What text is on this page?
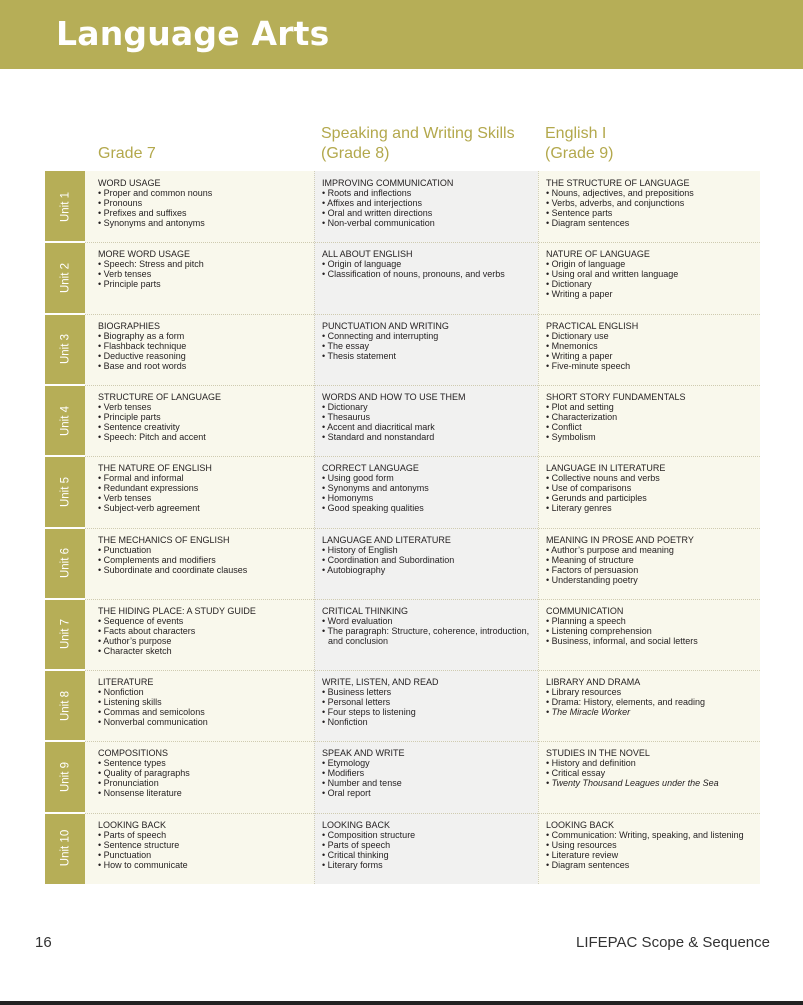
Language Arts
Grade 7
Speaking and Writing Skills
(Grade 8)
English I
(Grade 9)
Unit 1
Unit 2
Unit 3
Unit 4
Unit 5
Unit 6
Unit 7
Unit 8
Unit 9
Unit 10
WORD USAGE
• Proper and common nouns
• Pronouns
• Prefixes and suffixes
• Synonyms and antonyms
IMPROVING COMMUNICATION
• Roots and inflections
• Affixes and interjections
• Oral and written directions
• Non-verbal communication
THE STRUCTURE OF LANGUAGE
• Nouns, adjectives, and prepositions
• Verbs, adverbs, and conjunctions
• Sentence parts
• Diagram sentences
MORE WORD USAGE
• Speech: Stress and pitch
• Verb tenses
• Principle parts
ALL ABOUT ENGLISH
• Origin of language
• Classification of nouns, pronouns, and verbs
NATURE OF LANGUAGE
• Origin of language
• Using oral and written language
• Dictionary
• Writing a paper
BIOGRAPHIES
• Biography as a form
• Flashback technique
• Deductive reasoning
• Base and root words
PUNCTUATION AND WRITING
• Connecting and interrupting
• The essay
• Thesis statement
PRACTICAL ENGLISH
• Dictionary use
• Mnemonics
• Writing a paper
• Five-minute speech
STRUCTURE OF LANGUAGE
• Verb tenses
• Principle parts
• Sentence creativity
• Speech: Pitch and accent
WORDS AND HOW TO USE THEM
• Dictionary
• Thesaurus
• Accent and diacritical mark
• Standard and nonstandard
SHORT STORY FUNDAMENTALS
• Plot and setting
• Characterization
• Conflict
• Symbolism
THE NATURE OF ENGLISH
• Formal and informal
• Redundant expressions
• Verb tenses
• Subject-verb agreement
CORRECT LANGUAGE
• Using good form
• Synonyms and antonyms
• Homonyms
• Good speaking qualities
LANGUAGE IN LITERATURE
• Collective nouns and verbs
• Use of comparisons
• Gerunds and participles
• Literary genres
THE MECHANICS OF ENGLISH
• Punctuation
• Complements and modifiers
• Subordinate and coordinate clauses
LANGUAGE AND LITERATURE
• History of English
• Coordination and Subordination
• Autobiography
MEANING IN PROSE AND POETRY
• Author’s purpose and meaning
• Meaning of structure
• Factors of persuasion
• Understanding poetry
THE HIDING PLACE: A STUDY GUIDE
• Sequence of events
• Facts about characters
• Author’s purpose
• Character sketch
CRITICAL THINKING
• Word evaluation
• The paragraph: Structure, coherence, introduction, and conclusion
COMMUNICATION
• Planning a speech
• Listening comprehension
• Business, informal, and social letters
LITERATURE
• Nonfiction
• Listening skills
• Commas and semicolons
• Nonverbal communication
WRITE, LISTEN, AND READ
• Business letters
• Personal letters
• Four steps to listening
• Nonfiction
LIBRARY AND DRAMA
• Library resources
• Drama: History, elements, and reading
• The Miracle Worker
COMPOSITIONS
• Sentence types
• Quality of paragraphs
• Pronunciation
• Nonsense literature
SPEAK AND WRITE
• Etymology
• Modifiers
• Number and tense
• Oral report
STUDIES IN THE NOVEL
• History and definition
• Critical essay
• Twenty Thousand Leagues under the Sea
LOOKING BACK
• Parts of speech
• Sentence structure
• Punctuation
• How to communicate
LOOKING BACK
• Composition structure
• Parts of speech
• Critical thinking
• Literary forms
LOOKING BACK
• Communication: Writing, speaking, and listening
• Using resources
• Literature review
• Diagram sentences
16	LIFEPAC Scope & Sequence
